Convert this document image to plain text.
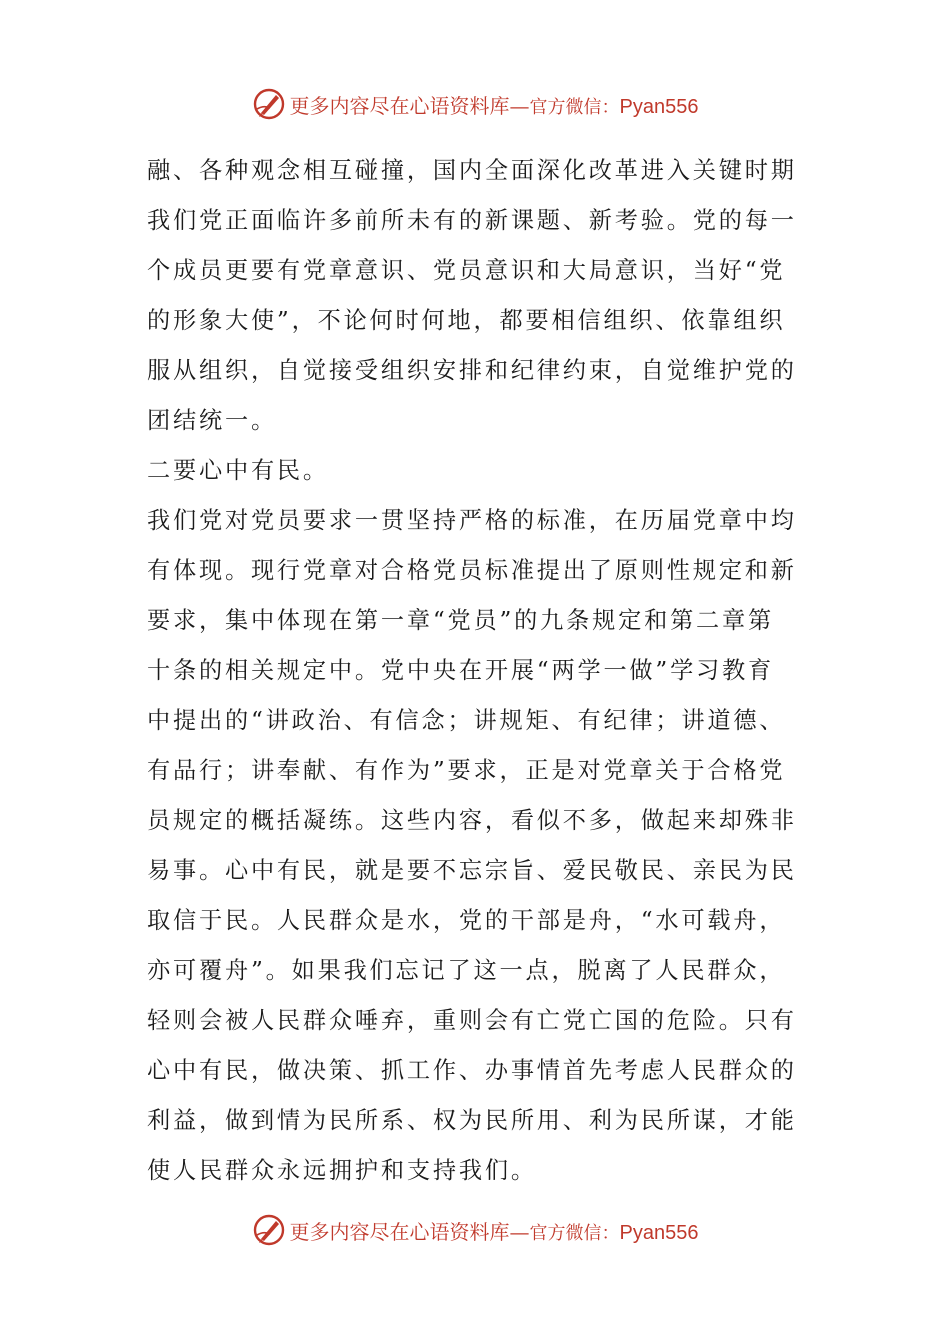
更多内容尽在心语资料库 — 官方微信： Pyan556
融、各种观念相互碰撞，国内全面深化改革进入关键时期
我们党正面临许多前所未有的新课题、新考验。党的每一
个成员更要有党章意识、党员意识和大局意识，当好“党
的形象大使”，不论何时何地，都要相信组织、依靠组织
服从组织，自觉接受组织安排和纪律约束，自觉维护党的
团结统一。
二要心中有民。
我们党对党员要求一贯坚持严格的标准，在历届党章中均
有体现。现行党章对合格党员标准提出了原则性规定和新
要求，集中体现在第一章“党员”的九条规定和第二章第
十条的相关规定中。党中央在开展“两学一做”学习教育
中提出的“讲政治、有信念；讲规矩、有纪律；讲道德、
有品行；讲奉献、有作为”要求，正是对党章关于合格党
员规定的概括凝练。这些内容，看似不多，做起来却殊非
易事。心中有民，就是要不忘宗旨、爱民敬民、亲民为民
取信于民。人民群众是水，党的干部是舟，“水可载舟，
亦可覆舟”。如果我们忘记了这一点，脱离了人民群众，
轻则会被人民群众唾弃，重则会有亡党亡国的危险。只有
心中有民，做决策、抓工作、办事情首先考虑人民群众的
利益，做到情为民所系、权为民所用、利为民所谋，才能
使人民群众永远拥护和支持我们。
更多内容尽在心语资料库 — 官方微信： Pyan556
